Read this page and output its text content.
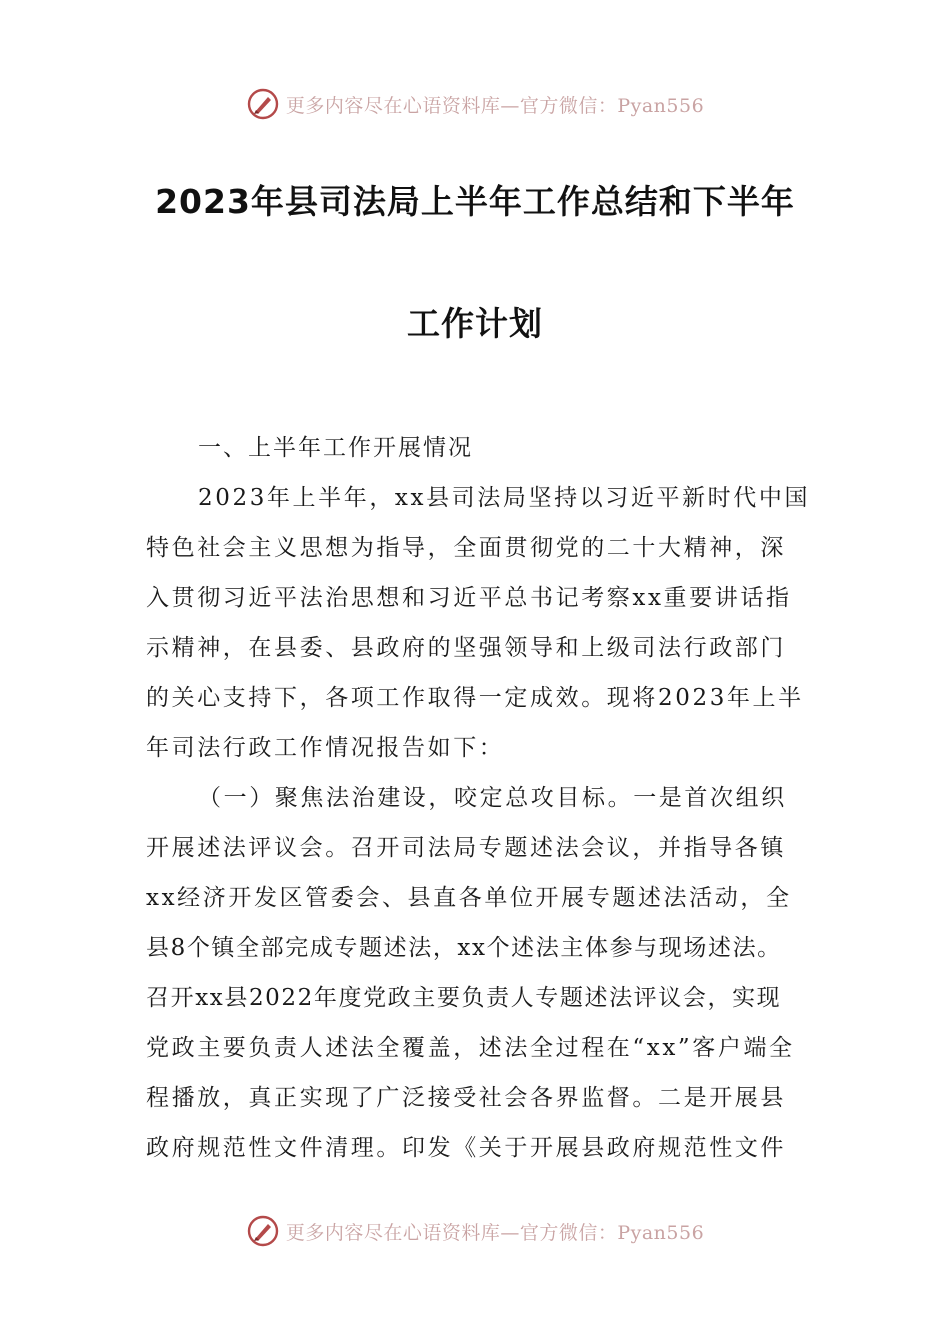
更多内容尽在心语资料库—官方微信：Pyan556
2023年县司法局上半年工作总结和下半年
工作计划
一、上半年工作开展情况
2023年上半年，xx县司法局坚持以习近平新时代中国
特色社会主义思想为指导，全面贯彻党的二十大精神，深
入贯彻习近平法治思想和习近平总书记考察xx重要讲话指
示精神，在县委、县政府的坚强领导和上级司法行政部门
的关心支持下，各项工作取得一定成效。现将2023年上半
年司法行政工作情况报告如下：
（一）聚焦法治建设，咬定总攻目标。一是首次组织
开展述法评议会。召开司法局专题述法会议，并指导各镇
xx经济开发区管委会、县直各单位开展专题述法活动，全
县8个镇全部完成专题述法，xx个述法主体参与现场述法。
召开xx县2022年度党政主要负责人专题述法评议会，实现
党政主要负责人述法全覆盖，述法全过程在“xx”客户端全
程播放，真正实现了广泛接受社会各界监督。二是开展县
政府规范性文件清理。印发《关于开展县政府规范性文件
更多内容尽在心语资料库—官方微信：Pyan556
